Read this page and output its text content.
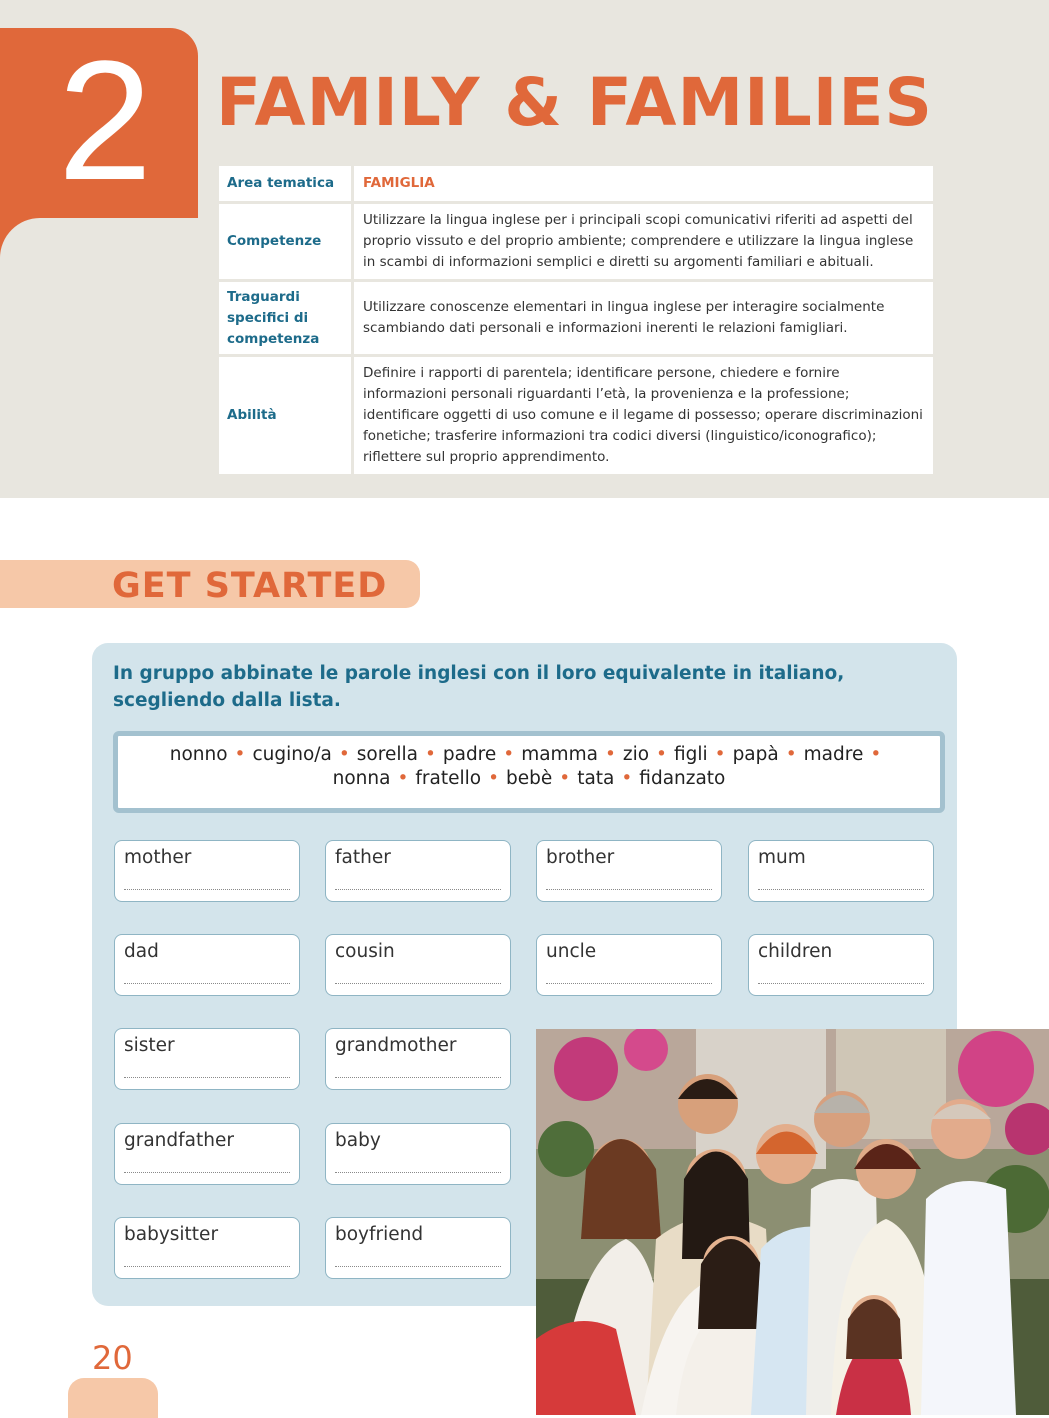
2 FAMILY & FAMILIES
Area tematica	FAMIGLIA
Competenze	Utilizzare la lingua inglese per i principali scopi comunicativi riferiti ad aspetti del proprio vissuto e del proprio ambiente; comprendere e utilizzare la lingua inglese in scambi di informazioni semplici e diretti su argomenti familiari e abituali.
Traguardi specifici di competenza	Utilizzare conoscenze elementari in lingua inglese per interagire socialmente scambiando dati personali e informazioni inerenti le relazioni famigliari.
Abilità	Definire i rapporti di parentela; identificare persone, chiedere e fornire informazioni personali riguardanti l’età, la provenienza e la professione; identificare oggetti di uso comune e il legame di possesso; operare discriminazioni fonetiche; trasferire informazioni tra codici diversi (linguistico/iconografico); riflettere sul proprio apprendimento.
GET STARTED

In gruppo abbinate le parole inglesi con il loro equivalente in italiano, scegliendo dalla lista.

nonno • cugino/a • sorella • padre • mamma • zio • figli • papà • madre •
nonna • fratello • bebè • tata • fidanzato
mother	father	brother	mum
dad	cousin	uncle	children
sister	grandmother
grandfather	baby
babysitter	boyfriend

20
